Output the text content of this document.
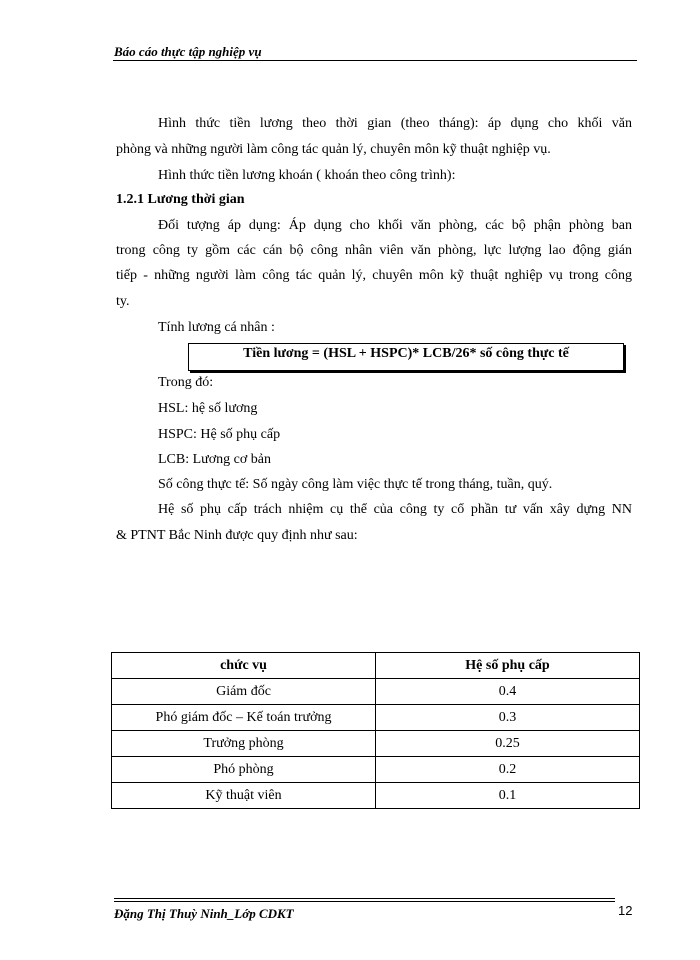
Báo cáo thực tập nghiệp vụ
Hình thức tiền lương theo thời gian (theo tháng): áp dụng cho khối văn
phòng và những người làm công tác quản lý, chuyên môn kỹ thuật nghiệp vụ.
Hình thức tiền lương khoán ( khoán theo công trình):
1.2.1 Lương thời gian
Đối tượng áp dụng: Áp dụng cho khối văn phòng, các bộ phận phòng ban
trong công ty gồm các cán bộ công nhân viên văn phòng, lực lượng lao động gián
tiếp - những người làm công tác quản lý, chuyên môn kỹ thuật nghiệp vụ trong công
ty.
Tính lương cá nhân :
Tiền lương = (HSL + HSPC)* LCB/26* số công thực tế
Trong đó:
HSL: hệ số lương
HSPC: Hệ số phụ cấp
LCB: Lương cơ bản
Số công thực tế: Số ngày công làm việc thực tế trong tháng, tuần, quý.
Hệ số phụ cấp trách nhiệm cụ thể của công ty cổ phần tư vấn xây dựng NN
& PTNT Bắc Ninh được quy định như sau:
chức vụ	Hệ số phụ cấp
Giám đốc	0.4
Phó giám đốc – Kế toán trưởng	0.3
Trưởng phòng	0.25
Phó phòng	0.2
Kỹ thuật viên	0.1
Đặng Thị Thuỳ Ninh_Lớp CDKT	12
